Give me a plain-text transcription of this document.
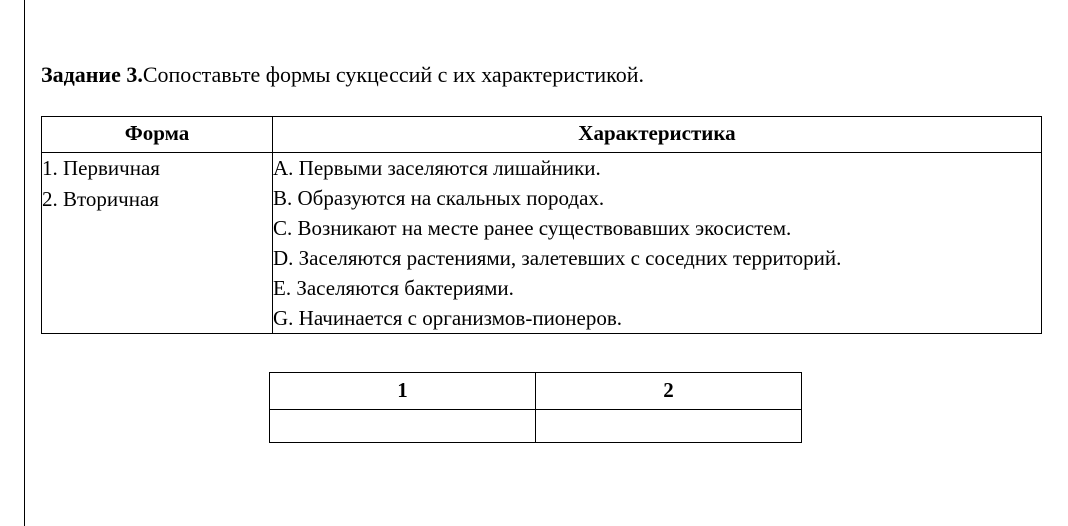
Задание 3.Сопоставьте формы сукцессий с их характеристикой.
Форма	Характеристика

1. Первичная
2. Вторичная

A. Первыми заселяются лишайники.
B. Образуются на скальных породах.
C. Возникают на месте ранее существовавших экосистем.
D. Заселяются растениями, залетевших с соседних территорий.
E. Заселяются бактериями.
G. Начинается с организмов-пионеров.
1	2
